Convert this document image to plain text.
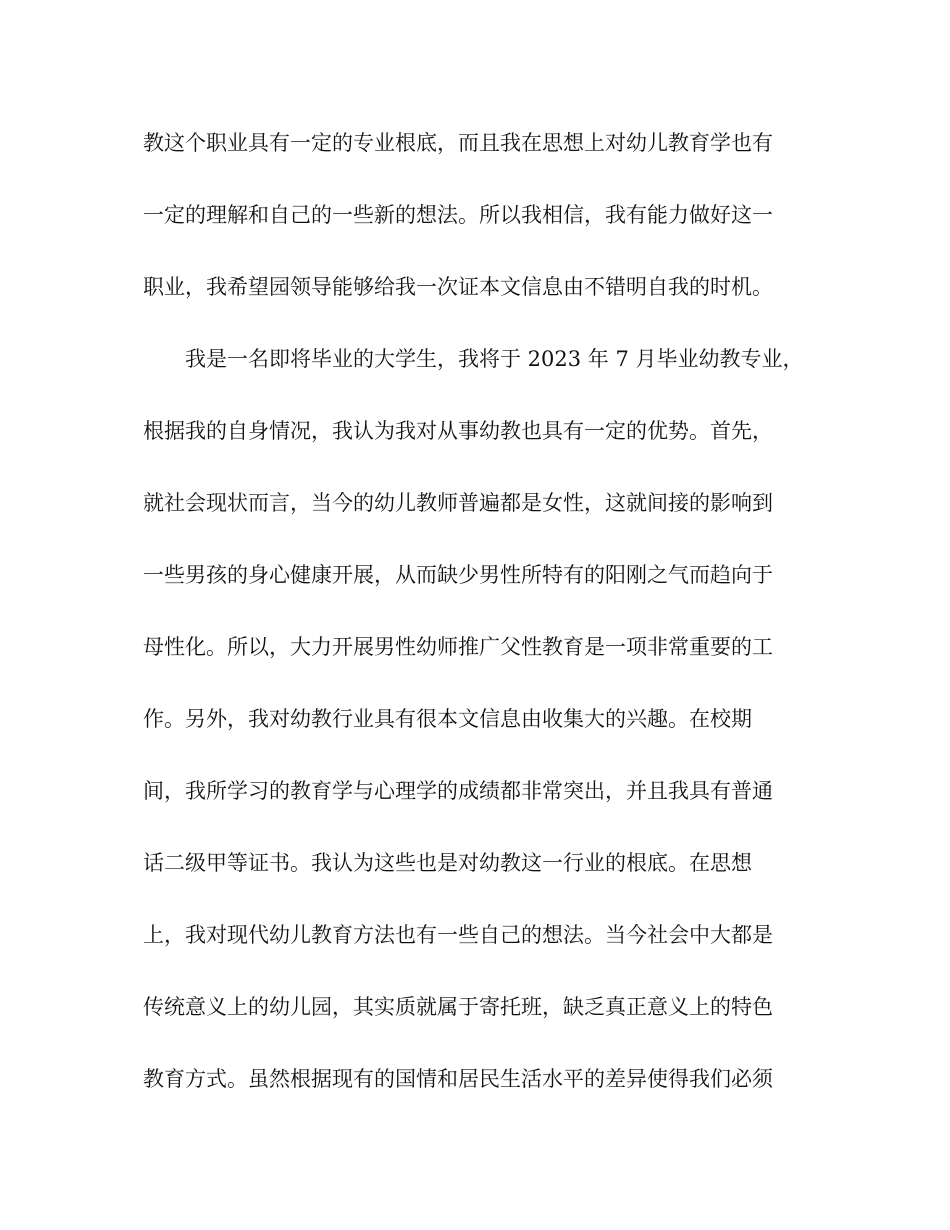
教这个职业具有一定的专业根底，而且我在思想上对幼儿教育学也有
一定的理解和自己的一些新的想法。所以我相信，我有能力做好这一
职业，我希望园领导能够给我一次证本文信息由不错明自我的时机。
我是一名即将毕业的大学生，我将于 2023 年 7 月毕业幼教专业，
根据我的自身情况，我认为我对从事幼教也具有一定的优势。首先，
就社会现状而言，当今的幼儿教师普遍都是女性，这就间接的影响到
一些男孩的身心健康开展，从而缺少男性所特有的阳刚之气而趋向于
母性化。所以，大力开展男性幼师推广父性教育是一项非常重要的工
作。另外，我对幼教行业具有很本文信息由收集大的兴趣。在校期
间，我所学习的教育学与心理学的成绩都非常突出，并且我具有普通
话二级甲等证书。我认为这些也是对幼教这一行业的根底。在思想
上，我对现代幼儿教育方法也有一些自己的想法。当今社会中大都是
传统意义上的幼儿园，其实质就属于寄托班，缺乏真正意义上的特色
教育方式。虽然根据现有的国情和居民生活水平的差异使得我们必须
